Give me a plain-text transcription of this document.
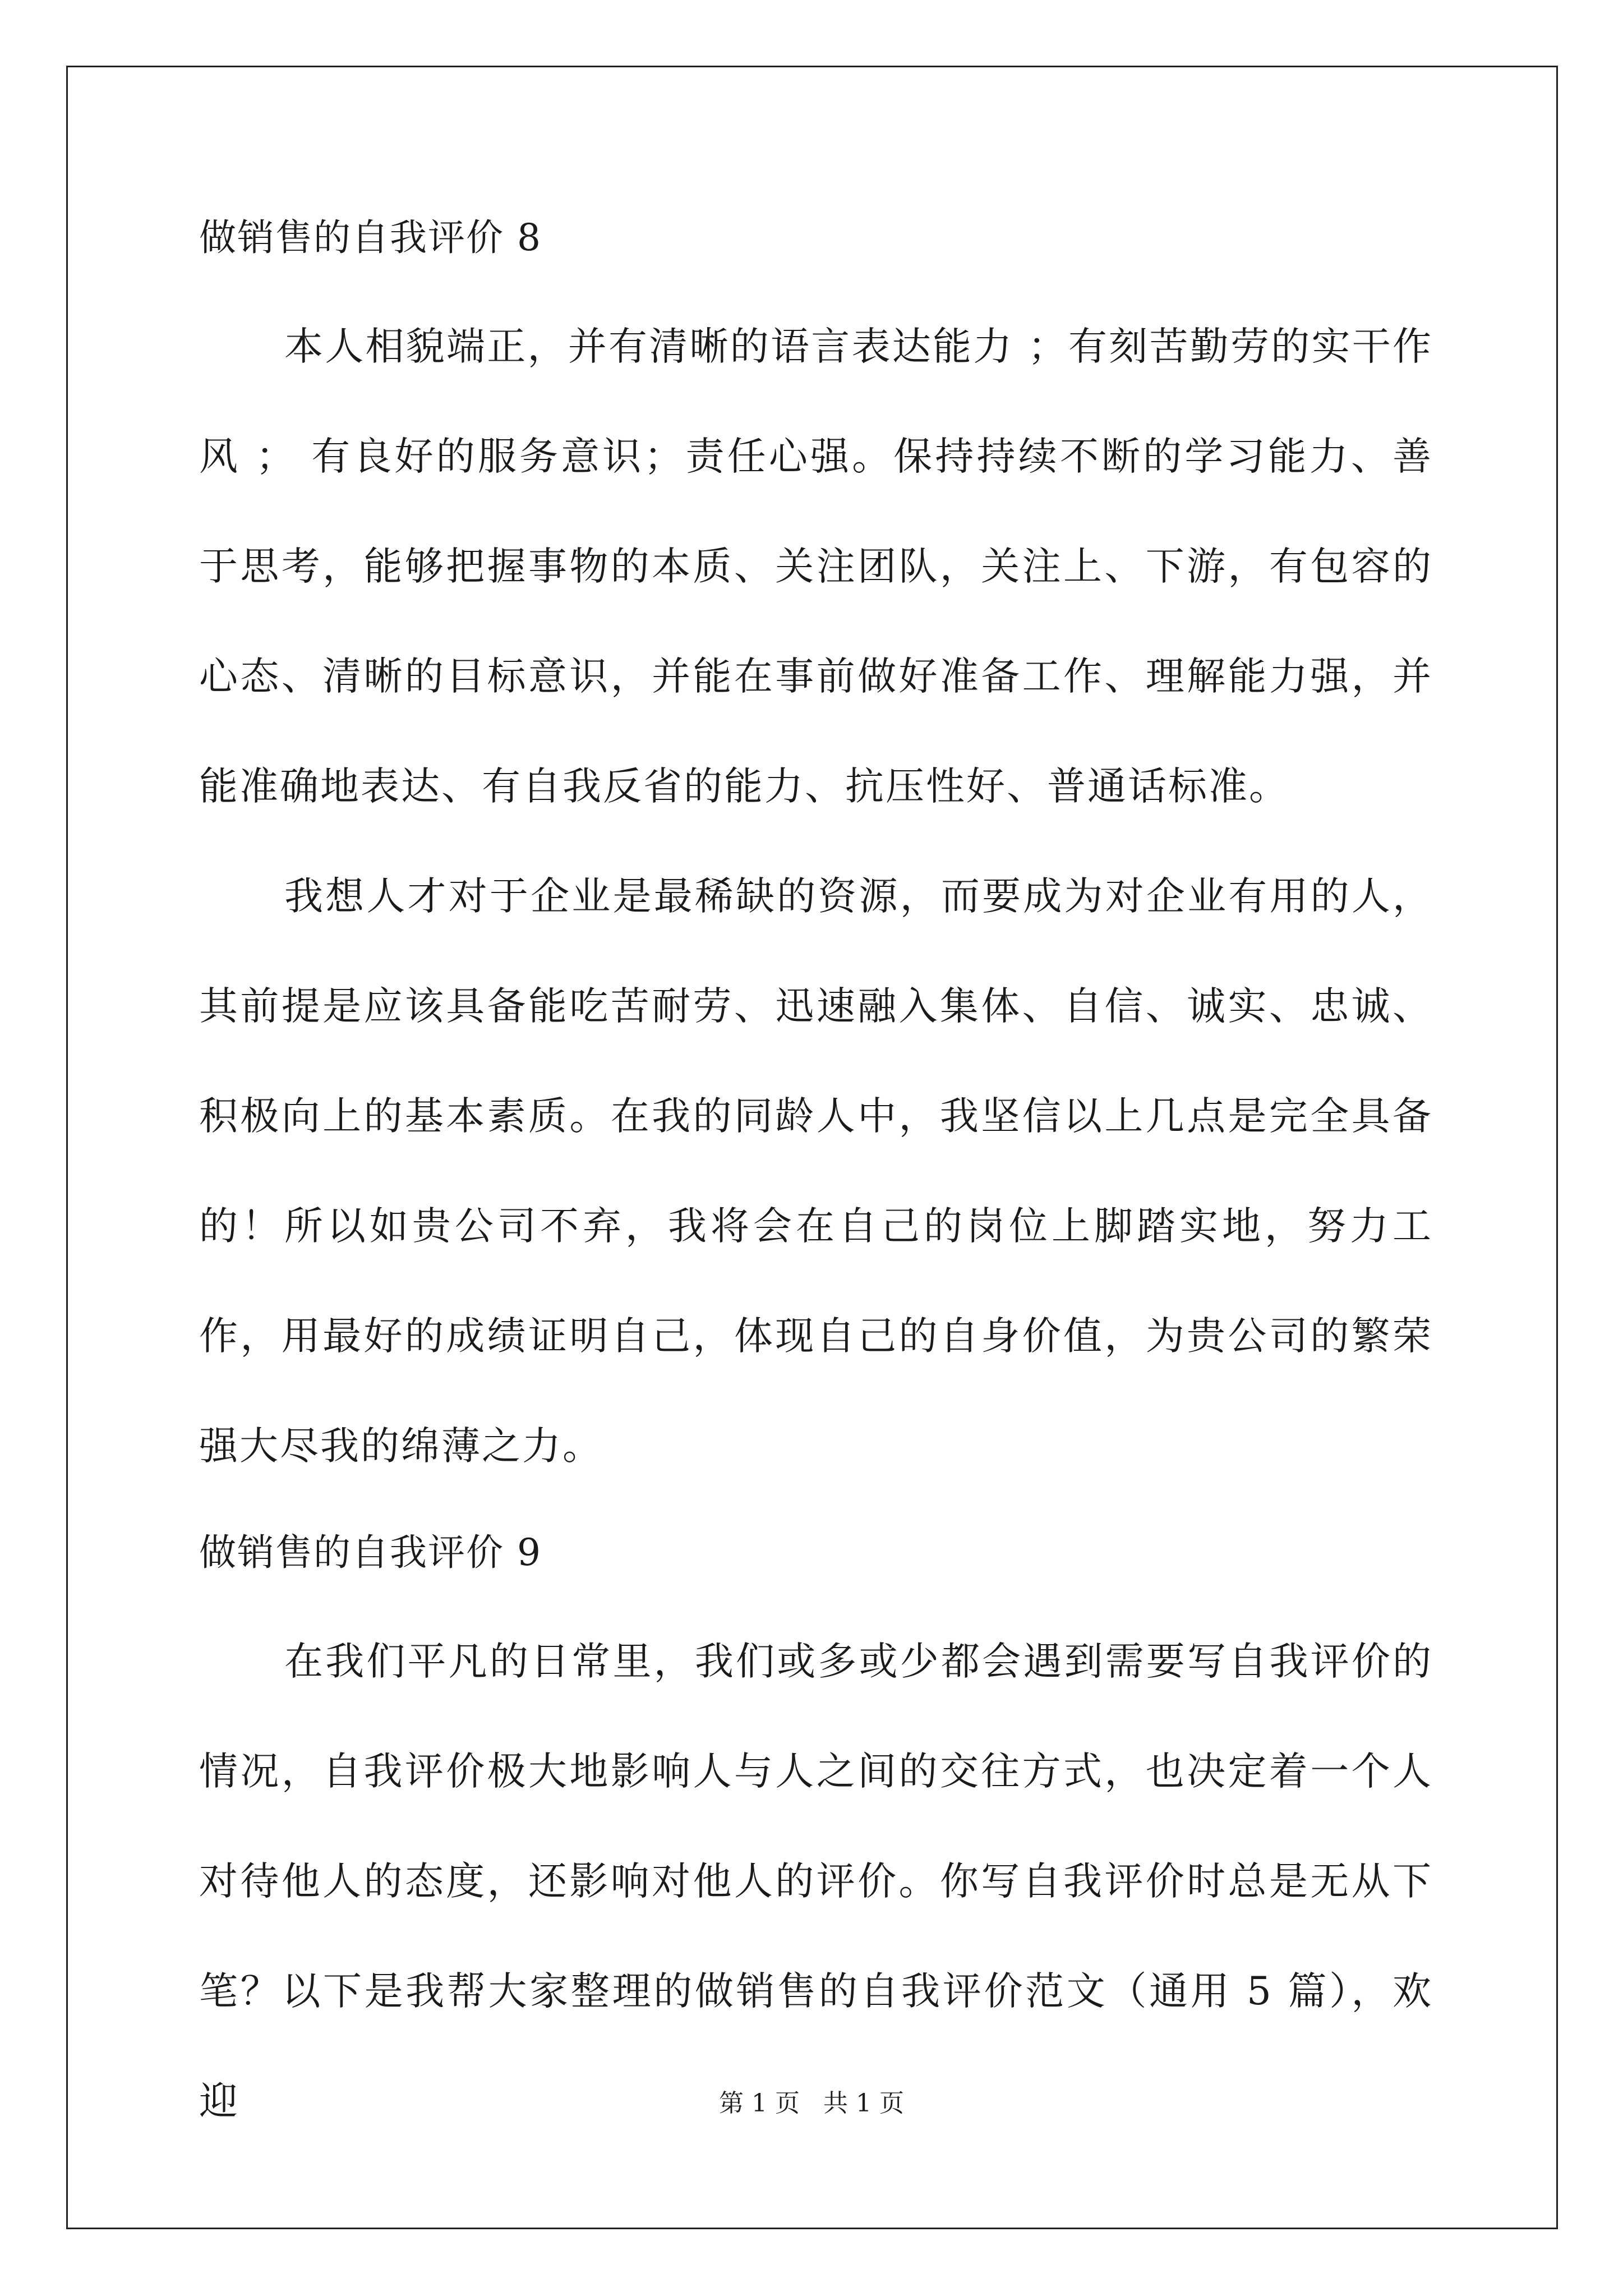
做销售的自我评价 8

本人相貌端正，并有清晰的语言表达能力 ；有刻苦勤劳的实干作风 ； 有良好的服务意识；责任心强。保持持续不断的学习能力、善于思考，能够把握事物的本质、关注团队，关注上、下游，有包容的心态、清晰的目标意识，并能在事前做好准备工作、理解能力强，并能准确地表达、有自我反省的能力、抗压性好、普通话标准。

我想人才对于企业是最稀缺的资源，而要成为对企业有用的人，其前提是应该具备能吃苦耐劳、迅速融入集体、自信、诚实、忠诚、积极向上的基本素质。在我的同龄人中，我坚信以上几点是完全具备的！所以如贵公司不弃，我将会在自己的岗位上脚踏实地，努力工作，用最好的成绩证明自己，体现自己的自身价值，为贵公司的繁荣强大尽我的绵薄之力。

做销售的自我评价 9

在我们平凡的日常里，我们或多或少都会遇到需要写自我评价的情况，自我评价极大地影响人与人之间的交往方式，也决定着一个人对待他人的态度，还影响对他人的评价。你写自我评价时总是无从下笔？以下是我帮大家整理的做销售的自我评价范文（通用 5 篇），欢迎	第 1 页   共 1 页
